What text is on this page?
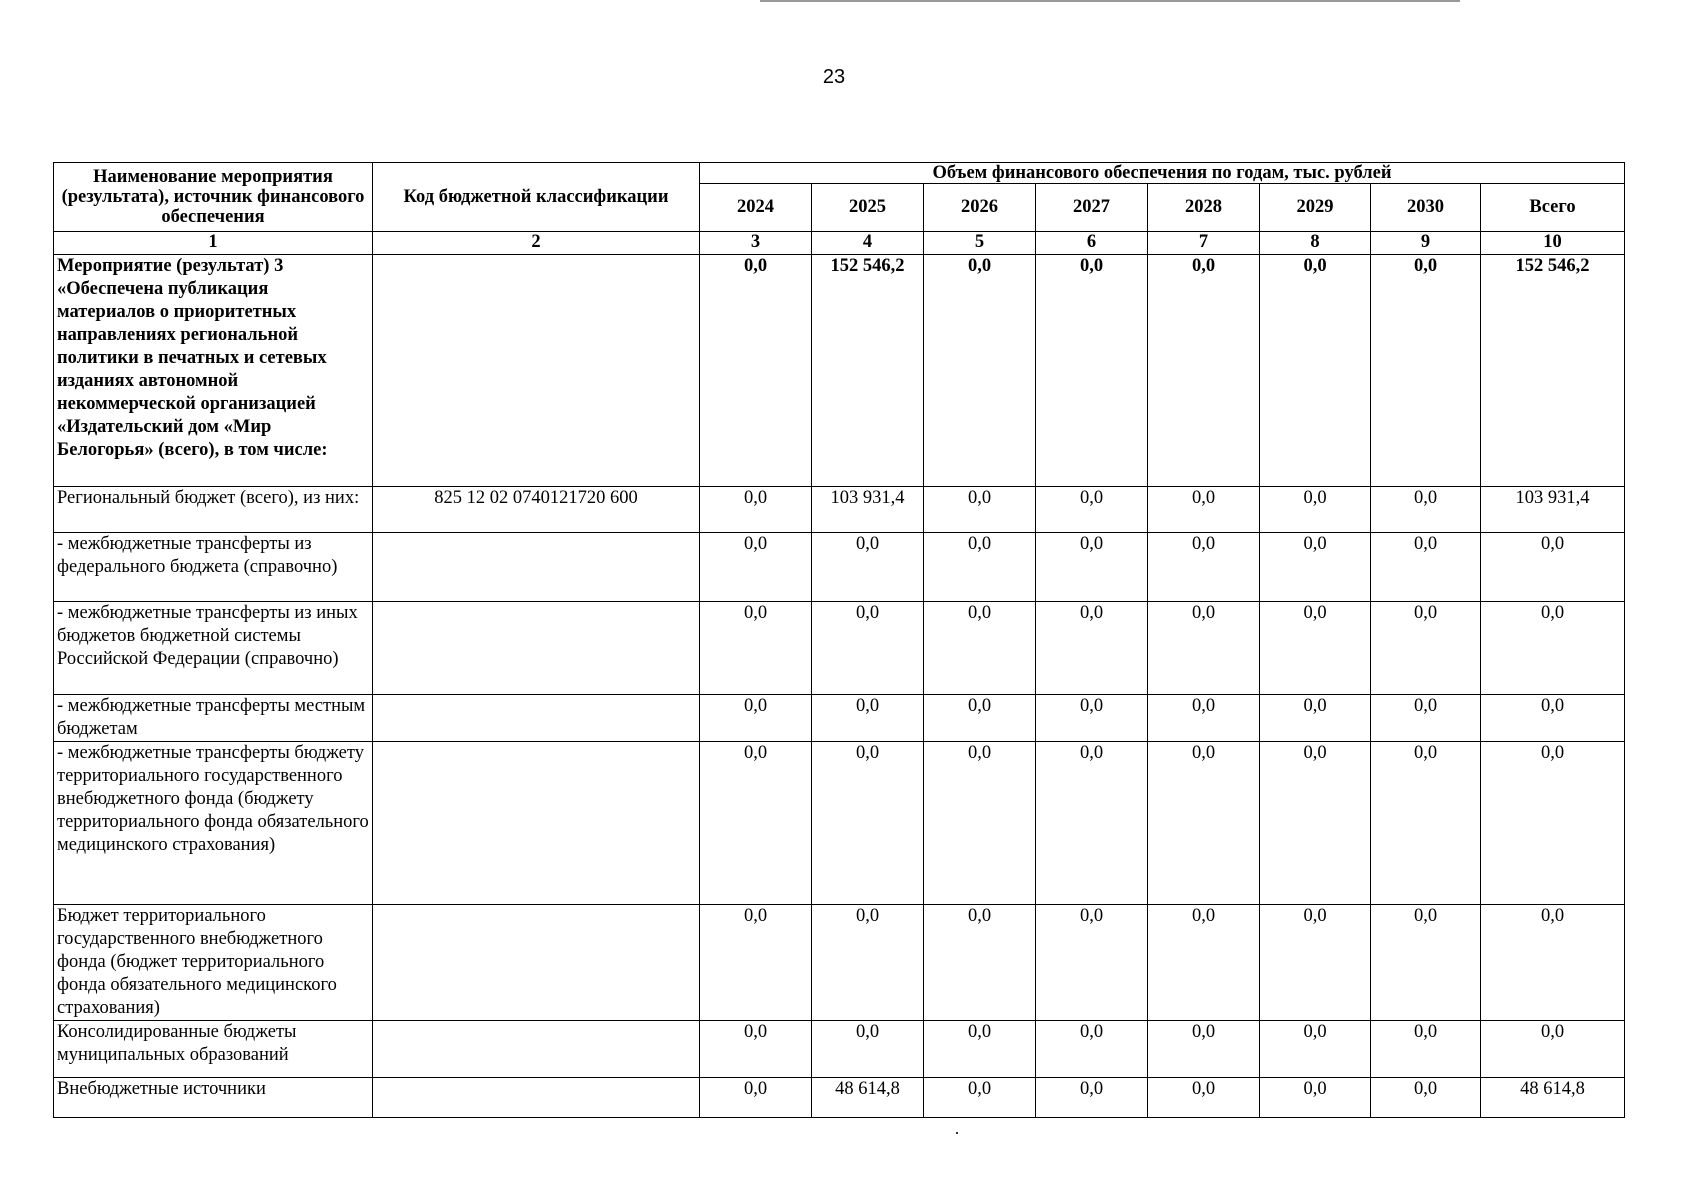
23
Наименование мероприятия (результата), источник финансового обеспечения	Код бюджетной классификации	Объем финансового обеспечения по годам, тыс. рублей							
		2024	2025	2026	2027	2028	2029	2030	Всего
1	2	3	4	5	6	7	8	9	10
Мероприятие (результат) 3 «Обеспечена публикация материалов о приоритетных направлениях региональной политики в печатных и сетевых изданиях автономной некоммерческой организацией «Издательский дом «Мир Белогорья» (всего), в том числе:		0,0	152 546,2	0,0	0,0	0,0	0,0	0,0	152 546,2
Региональный бюджет (всего), из них:	825 12 02 0740121720 600	0,0	103 931,4	0,0	0,0	0,0	0,0	0,0	103 931,4
- межбюджетные трансферты из федерального бюджета (справочно)		0,0	0,0	0,0	0,0	0,0	0,0	0,0	0,0
- межбюджетные трансферты из иных бюджетов бюджетной системы Российской Федерации (справочно)		0,0	0,0	0,0	0,0	0,0	0,0	0,0	0,0
- межбюджетные трансферты местным бюджетам		0,0	0,0	0,0	0,0	0,0	0,0	0,0	0,0
- межбюджетные трансферты бюджету территориального государственного внебюджетного фонда (бюджету территориального фонда обязательного медицинского страхования)		0,0	0,0	0,0	0,0	0,0	0,0	0,0	0,0
Бюджет территориального государственного внебюджетного фонда (бюджет территориального фонда обязательного медицинского страхования)		0,0	0,0	0,0	0,0	0,0	0,0	0,0	0,0
Консолидированные бюджеты муниципальных образований		0,0	0,0	0,0	0,0	0,0	0,0	0,0	0,0
Внебюджетные источники		0,0	48 614,8	0,0	0,0	0,0	0,0	0,0	48 614,8
